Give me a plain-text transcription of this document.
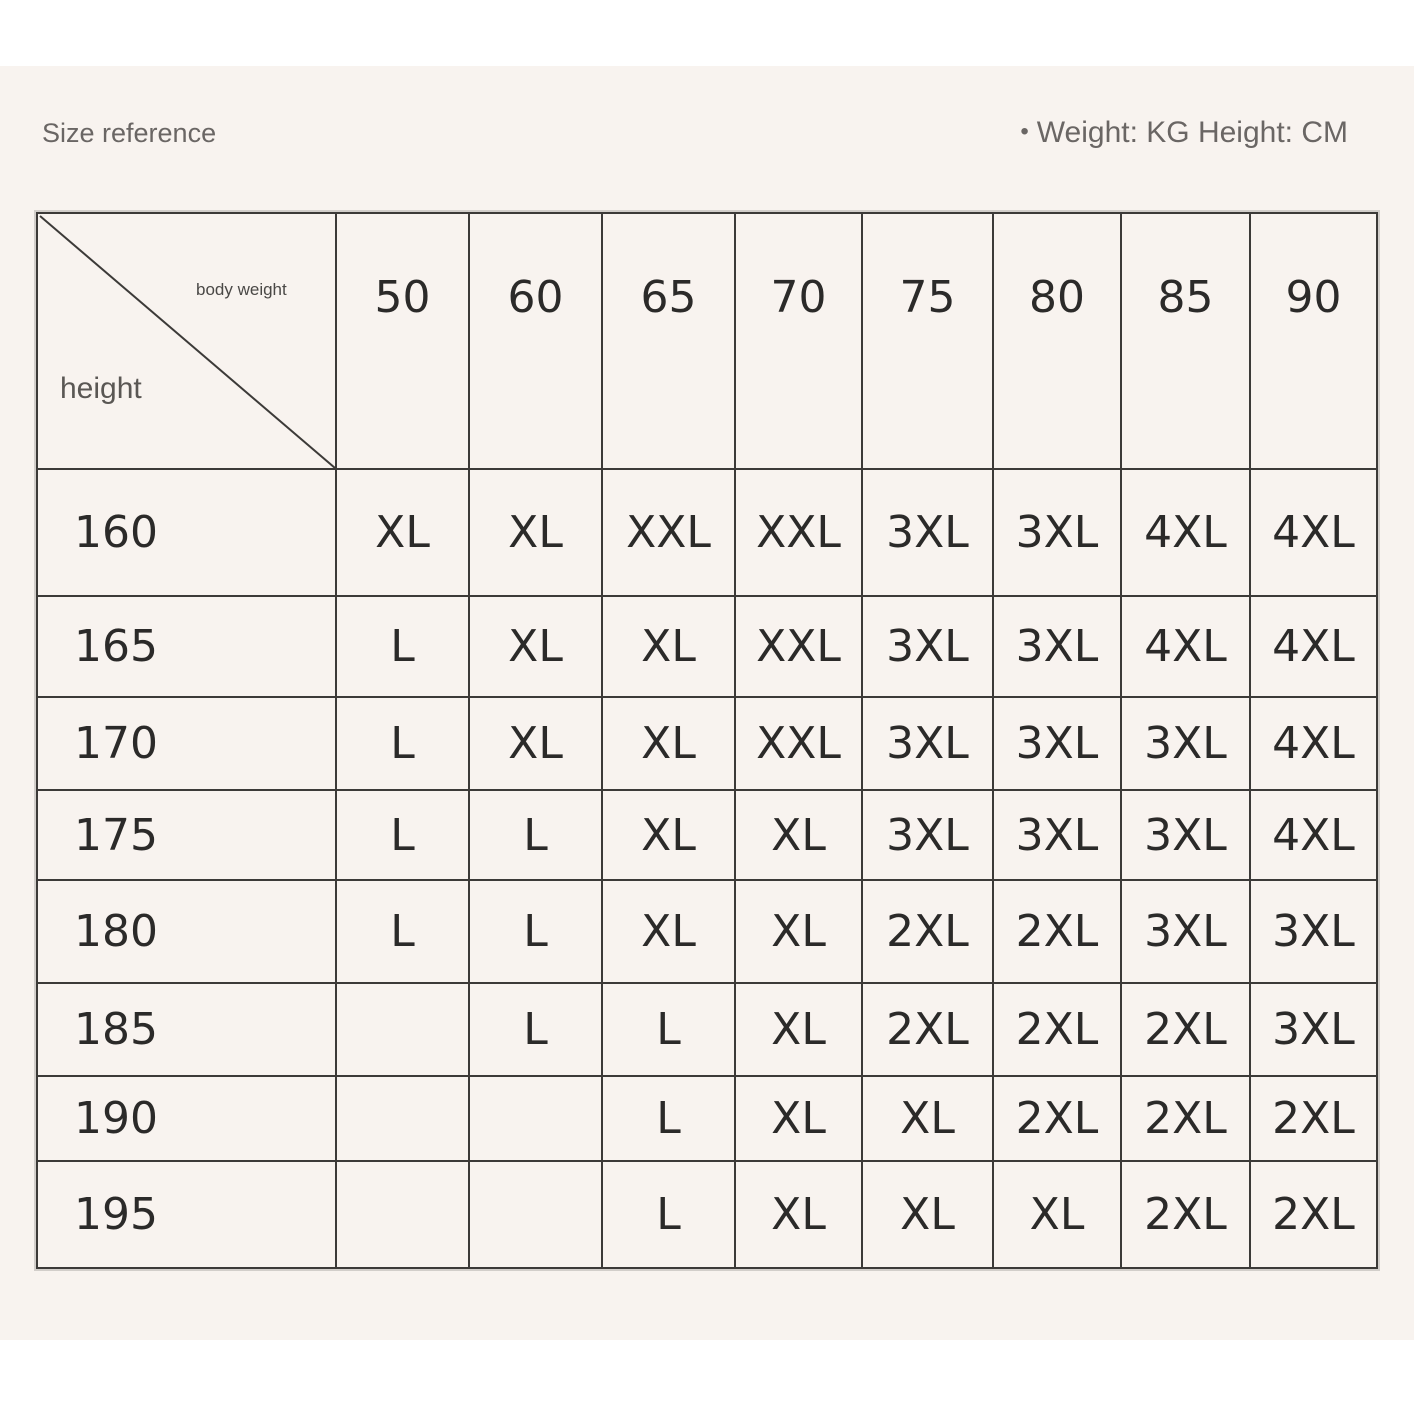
Size reference	• Weight: KG Height: CM
body weight
height	50	60	65	70	75	80	85	90
160	XL	XL	XXL	XXL	3XL	3XL	4XL	4XL
165	L	XL	XL	XXL	3XL	3XL	4XL	4XL
170	L	XL	XL	XXL	3XL	3XL	3XL	4XL
175	L	L	XL	XL	3XL	3XL	3XL	4XL
180	L	L	XL	XL	2XL	2XL	3XL	3XL
185		L	L	XL	2XL	2XL	2XL	3XL
190			L	XL	XL	2XL	2XL	2XL
195			L	XL	XL	XL	2XL	2XL
